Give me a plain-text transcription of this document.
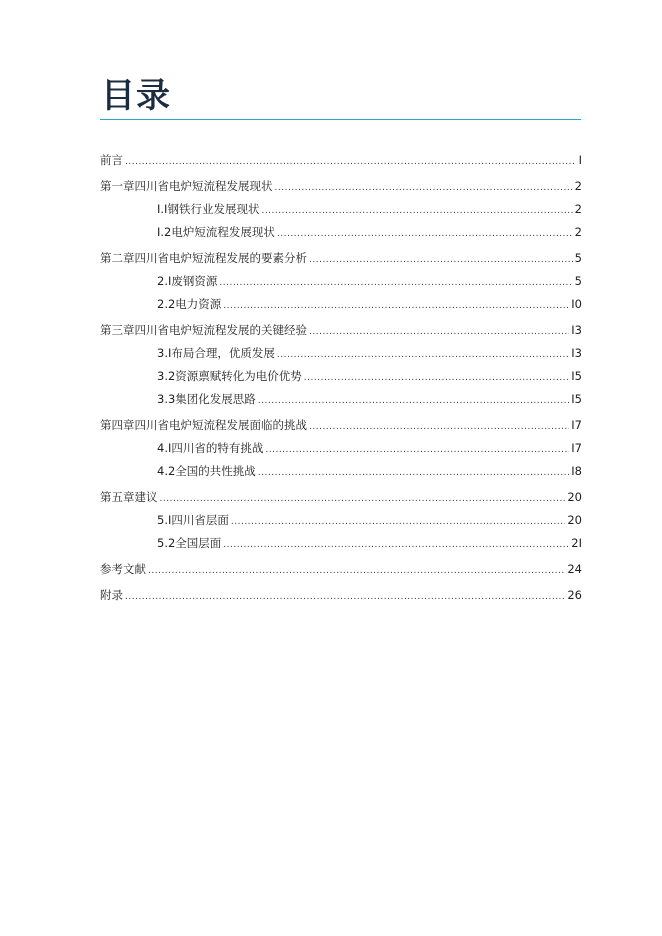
目录
前言 .....	I
第一章 四川省电炉短流程发展现状 .....	2
I.I 钢铁行业发展现状 .....	2
I.2 电炉短流程发展现状 .....	2
第二章 四川省电炉短流程发展的要素分析 .....	5
2.I 废钢资源 .....	5
2.2 电力资源 .....	I0
第三章 四川省电炉短流程发展的关键经验 .....	I3
3.I 布局合理，优质发展 .....	I3
3.2 资源禀赋转化为电价优势 .....	I5
3.3 集团化发展思路 .....	I5
第四章 四川省电炉短流程发展面临的挑战 .....	I7
4.I 四川省的特有挑战 .....	I7
4.2 全国的共性挑战 .....	I8
第五章 建议 .....	20
5.I 四川省层面 .....	20
5.2 全国层面 .....	2I
参考文献 .....	24
附录 .....	26
